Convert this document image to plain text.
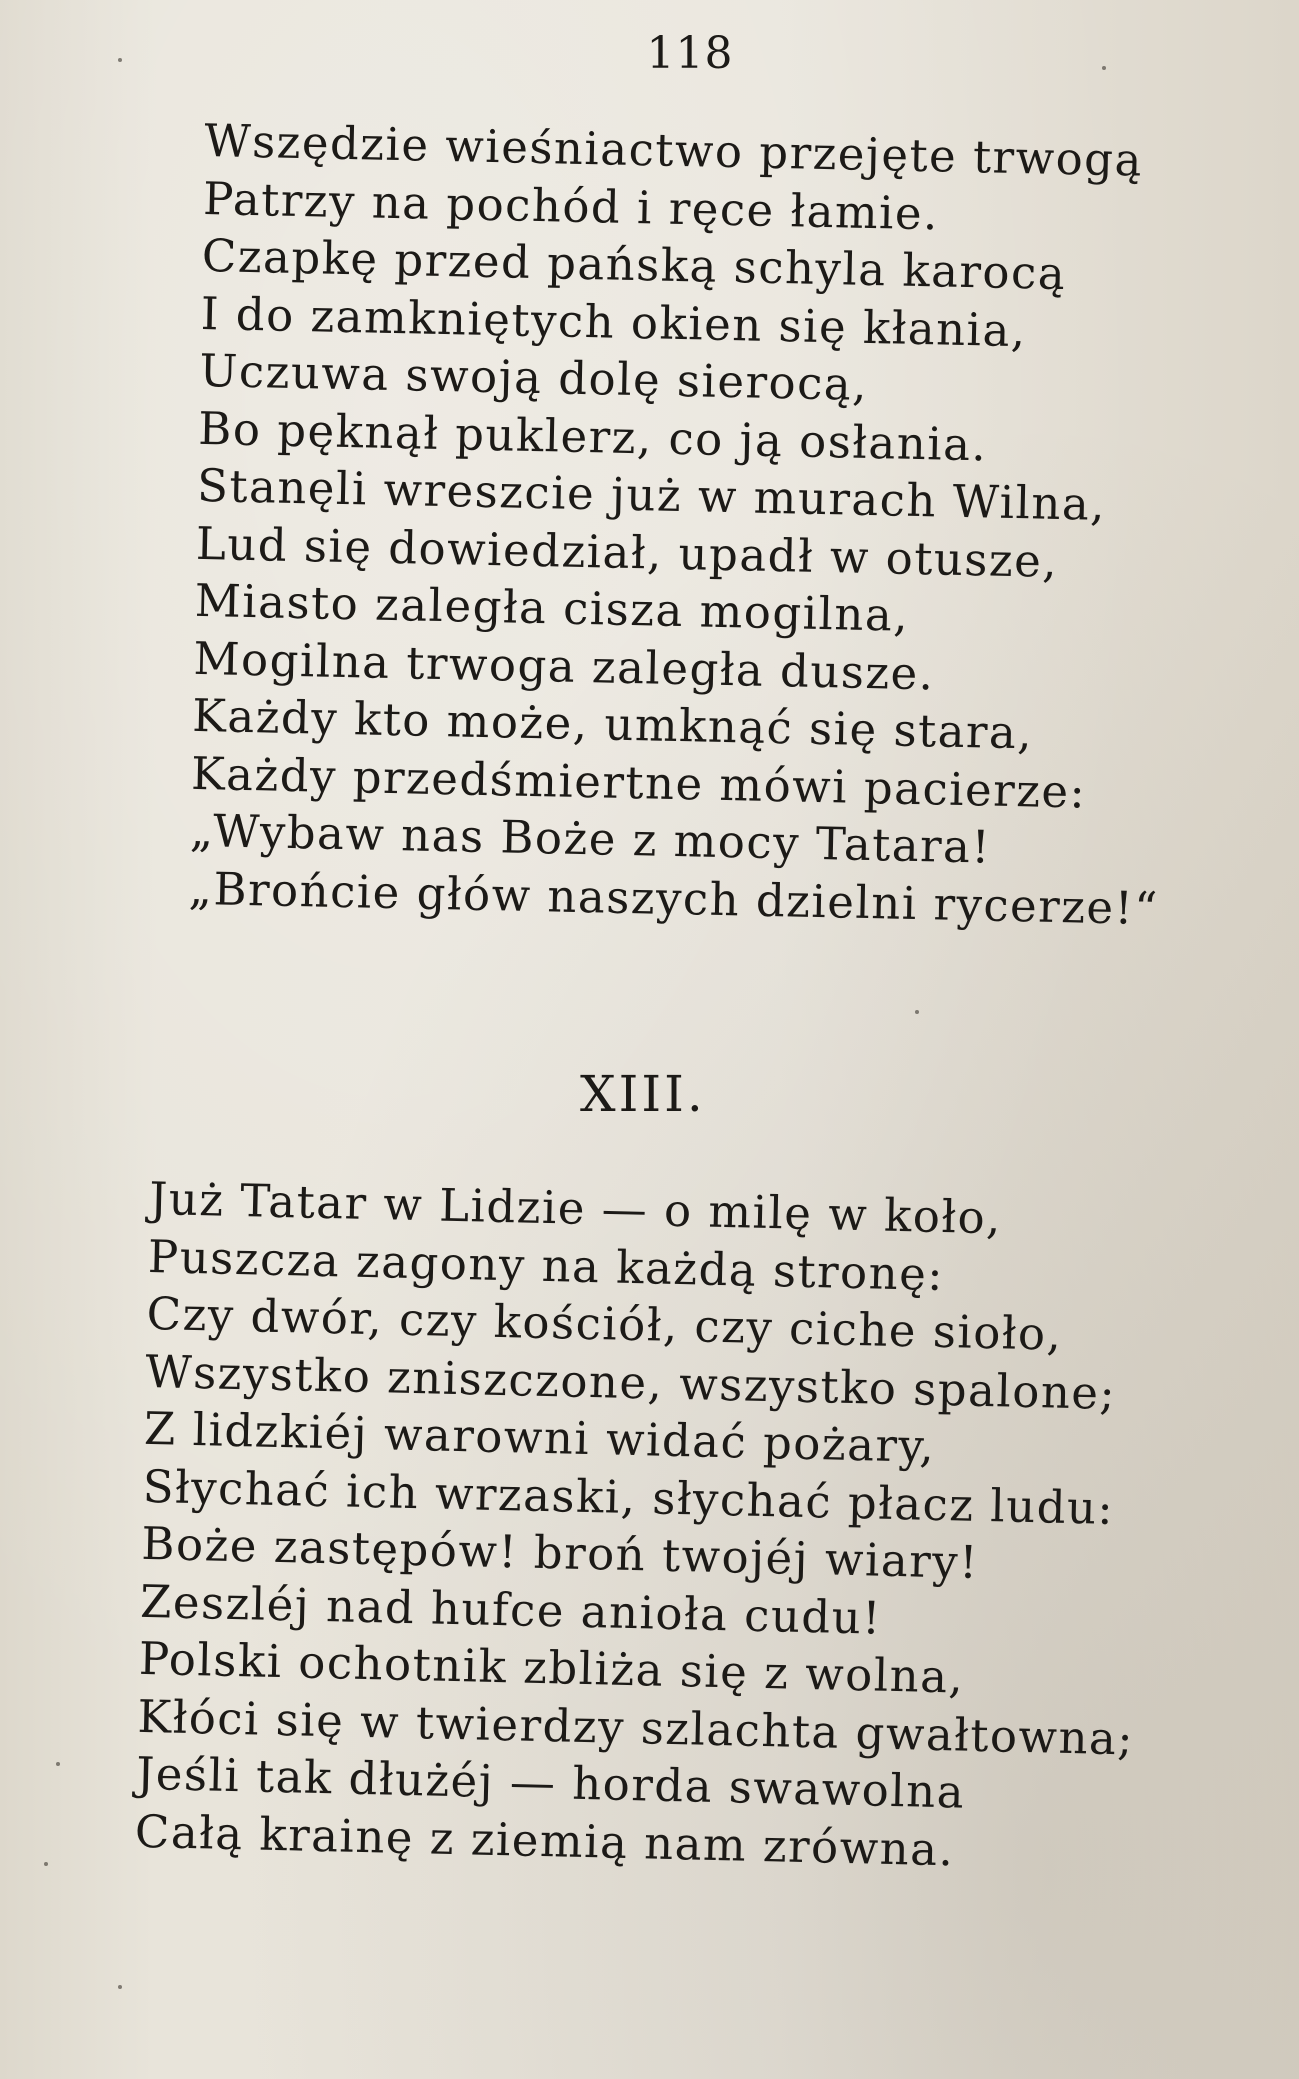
118
Wszędzie wieśniactwo przejęte trwogą
Patrzy na pochód i ręce łamie.
Czapkę przed pańską schyla karocą
I do zamkniętych okien się kłania,
Uczuwa swoją dolę sierocą,
Bo pęknął puklerz, co ją osłania.
Stanęli wreszcie już w murach Wilna,
Lud się dowiedział, upadł w otusze,
Miasto zaległa cisza mogilna,
Mogilna trwoga zaległa dusze.
Każdy kto może, umknąć się stara,
Każdy przedśmiertne mówi pacierze:
„Wybaw nas Boże z mocy Tatara!
„Brońcie głów naszych dzielni rycerze!“
XIII.
Już Tatar w Lidzie — o milę w koło,
Puszcza zagony na każdą stronę:
Czy dwór, czy kościół, czy ciche sioło,
Wszystko zniszczone, wszystko spalone;
Z lidzkiéj warowni widać pożary,
Słychać ich wrzaski, słychać płacz ludu:
Boże zastępów! broń twojéj wiary!
Zeszléj nad hufce anioła cudu!
Polski ochotnik zbliża się z wolna,
Kłóci się w twierdzy szlachta gwałtowna;
Jeśli tak dłużéj — horda swawolna
Całą krainę z ziemią nam zrówna.
